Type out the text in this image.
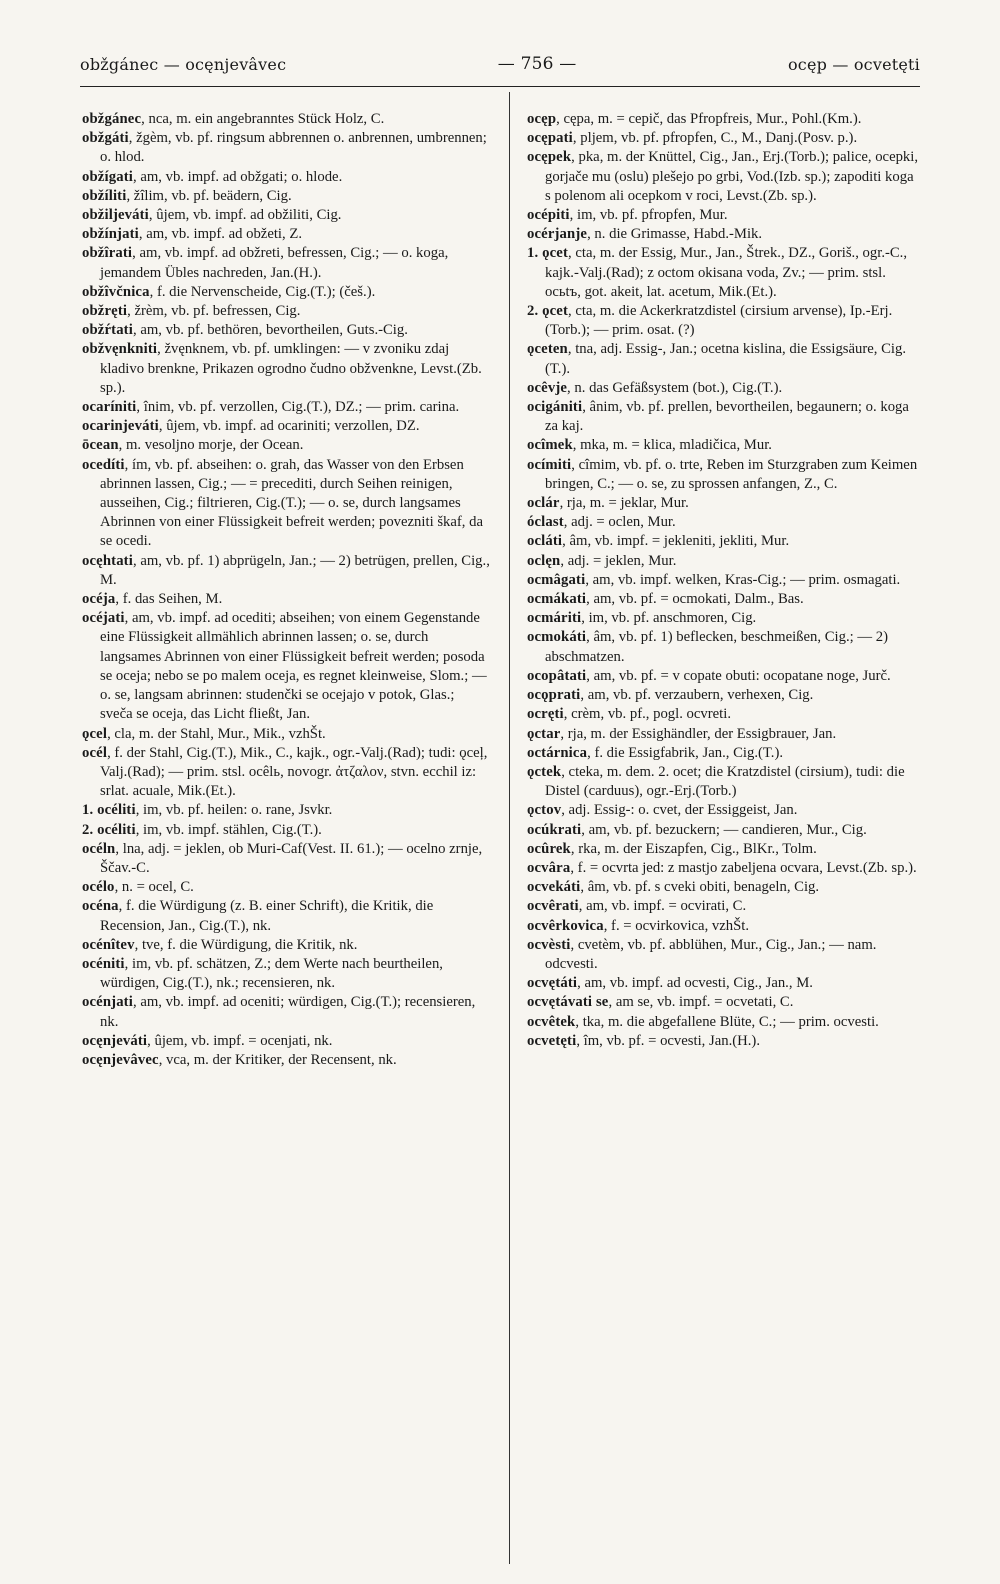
obžgánec — ocęnjevâvec	— 756 —	ocęp — ocvetęti
obžgánec, nca, m. ein angebranntes Stück Holz, C.
obžgáti, žgèm, vb. pf. ringsum abbrennen o. anbrennen, umbrennen; o. hlod.
obžígati, am, vb. impf. ad obžgati; o. hlode.
obžíliti, žîlim, vb. pf. beädern, Cig.
obžiljeváti, ûjem, vb. impf. ad obžiliti, Cig.
obžínjati, am, vb. impf. ad obžeti, Z.
obžîrati, am, vb. impf. ad obžreti, befressen, Cig.; — o. koga, jemandem Übles nachreden, Jan.(H.).
obžîvčnica, f. die Nervenscheide, Cig.(T.); (češ.).
obžręti, žrèm, vb. pf. befressen, Cig.
obžŕtati, am, vb. pf. bethören, bevortheilen, Guts.-Cig.
obžvęnkniti, žvęnknem, vb. pf. umklingen: — v zvoniku zdaj kladivo brenkne, Prikazen ogrodno čudno obžvenkne, Levst.(Zb. sp.).
ocaríniti, înim, vb. pf. verzollen, Cig.(T.), DZ.; — prim. carina.
ocarinjeváti, ûjem, vb. impf. ad ocariniti; verzollen, DZ.
ōcean, m. vesoljno morje, der Ocean.
ocedíti, ím, vb. pf. abseihen: o. grah, das Wasser von den Erbsen abrinnen lassen, Cig.; — = precediti, durch Seihen reinigen, ausseihen, Cig.; filtrieren, Cig.(T.); — o. se, durch langsames Abrinnen von einer Flüssigkeit befreit werden; povezniti škaf, da se ocedi.
ocęhtati, am, vb. pf. 1) abprügeln, Jan.; — 2) betrügen, prellen, Cig., M.
océja, f. das Seihen, M.
océjati, am, vb. impf. ad ocediti; abseihen; von einem Gegenstande eine Flüssigkeit allmählich abrinnen lassen; o. se, durch langsames Abrinnen von einer Flüssigkeit befreit werden; posoda se oceja; nebo se po malem oceja, es regnet kleinweise, Slom.; — o. se, langsam abrinnen: studenčki se ocejajo v potok, Glas.; sveča se oceja, das Licht fließt, Jan.
ǫcel, cla, m. der Stahl, Mur., Mik., vzhŠt.
océl, f. der Stahl, Cig.(T.), Mik., C., kajk., ogr.-Valj.(Rad); tudi: ǫceļ, Valj.(Rad); — prim. stsl. ocêlь, novogr. ἀτζαλον, stvn. ecchil iz: srlat. acuale, Mik.(Et.).
1. océliti, im, vb. pf. heilen: o. rane, Jsvkr.
2. océliti, im, vb. impf. stählen, Cig.(T.).
océln, lna, adj. = jeklen, ob Muri-Caf(Vest. II. 61.); — ocelno zrnje, Ščav.-C.
océlo, n. = ocel, C.
océna, f. die Würdigung (z. B. einer Schrift), die Kritik, die Recension, Jan., Cig.(T.), nk.
océnîtev, tve, f. die Würdigung, die Kritik, nk.
océniti, im, vb. pf. schätzen, Z.; dem Werte nach beurtheilen, würdigen, Cig.(T.), nk.; recensieren, nk.
océnjati, am, vb. impf. ad oceniti; würdigen, Cig.(T.); recensieren, nk.
ocęnjeváti, ûjem, vb. impf. = ocenjati, nk.
ocęnjevâvec, vca, m. der Kritiker, der Recensent, nk.
ocęp, cępa, m. = cepič, das Pfropfreis, Mur., Pohl.(Km.).
ocępati, pljem, vb. pf. pfropfen, C., M., Danj.(Posv. p.).
ocępek, pka, m. der Knüttel, Cig., Jan., Erj.(Torb.); palice, ocepki, gorjače mu (oslu) plešejo po grbi, Vod.(Izb. sp.); zapoditi koga s polenom ali ocepkom v roci, Levst.(Zb. sp.).
océpiti, im, vb. pf. pfropfen, Mur.
océrjanje, n. die Grimasse, Habd.-Mik.
1. ǫcet, cta, m. der Essig, Mur., Jan., Štrek., DZ., Goriš., ogr.-C., kajk.-Valj.(Rad); z octom okisana voda, Zv.; — prim. stsl. ocьtъ, got. akeit, lat. acetum, Mik.(Et.).
2. ǫcet, cta, m. die Ackerkratzdistel (cirsium arvense), Ip.-Erj.(Torb.); — prim. osat. (?)
ǫceten, tna, adj. Essig-, Jan.; ocetna kislina, die Essigsäure, Cig.(T.).
ocêvje, n. das Gefäßsystem (bot.), Cig.(T.).
ocigániti, ânim, vb. pf. prellen, bevortheilen, begaunern; o. koga za kaj.
ocîmek, mka, m. = klica, mladičica, Mur.
ocímiti, cîmim, vb. pf. o. trte, Reben im Sturzgraben zum Keimen bringen, C.; — o. se, zu sprossen anfangen, Z., C.
oclár, rja, m. = jeklar, Mur.
óclast, adj. = oclen, Mur.
ocláti, âm, vb. impf. = jekleniti, jekliti, Mur.
oclęn, adj. = jeklen, Mur.
ocmâgati, am, vb. impf. welken, Kras-Cig.; — prim. osmagati.
ocmákati, am, vb. pf. = ocmokati, Dalm., Bas.
ocmáriti, im, vb. pf. anschmoren, Cig.
ocmokáti, âm, vb. pf. 1) beflecken, beschmeißen, Cig.; — 2) abschmatzen.
ocopâtati, am, vb. pf. = v copate obuti: ocopatane noge, Jurč.
ocǫprati, am, vb. pf. verzaubern, verhexen, Cig.
ocręti, crèm, vb. pf., pogl. ocvreti.
ǫctar, rja, m. der Essighändler, der Essigbrauer, Jan.
octárnica, f. die Essigfabrik, Jan., Cig.(T.).
ǫctek, cteka, m. dem. 2. ocet; die Kratzdistel (cirsium), tudi: die Distel (carduus), ogr.-Erj.(Torb.)
ǫctov, adj. Essig-: o. cvet, der Essiggeist, Jan.
ocúkrati, am, vb. pf. bezuckern; — candieren, Mur., Cig.
ocûrek, rka, m. der Eiszapfen, Cig., BlKr., Tolm.
ocvâra, f. = ocvrta jed: z mastjo zabeljena ocvara, Levst.(Zb. sp.).
ocvekáti, âm, vb. pf. s cveki obiti, benageln, Cig.
ocvêrati, am, vb. impf. = ocvirati, C.
ocvêrkovica, f. = ocvirkovica, vzhŠt.
ocvèsti, cvetèm, vb. pf. abblühen, Mur., Cig., Jan.; — nam. odcvesti.
ocvętáti, am, vb. impf. ad ocvesti, Cig., Jan., M.
ocvętávati se, am se, vb. impf. = ocvetati, C.
ocvêtek, tka, m. die abgefallene Blüte, C.; — prim. ocvesti.
ocvetęti, îm, vb. pf. = ocvesti, Jan.(H.).
